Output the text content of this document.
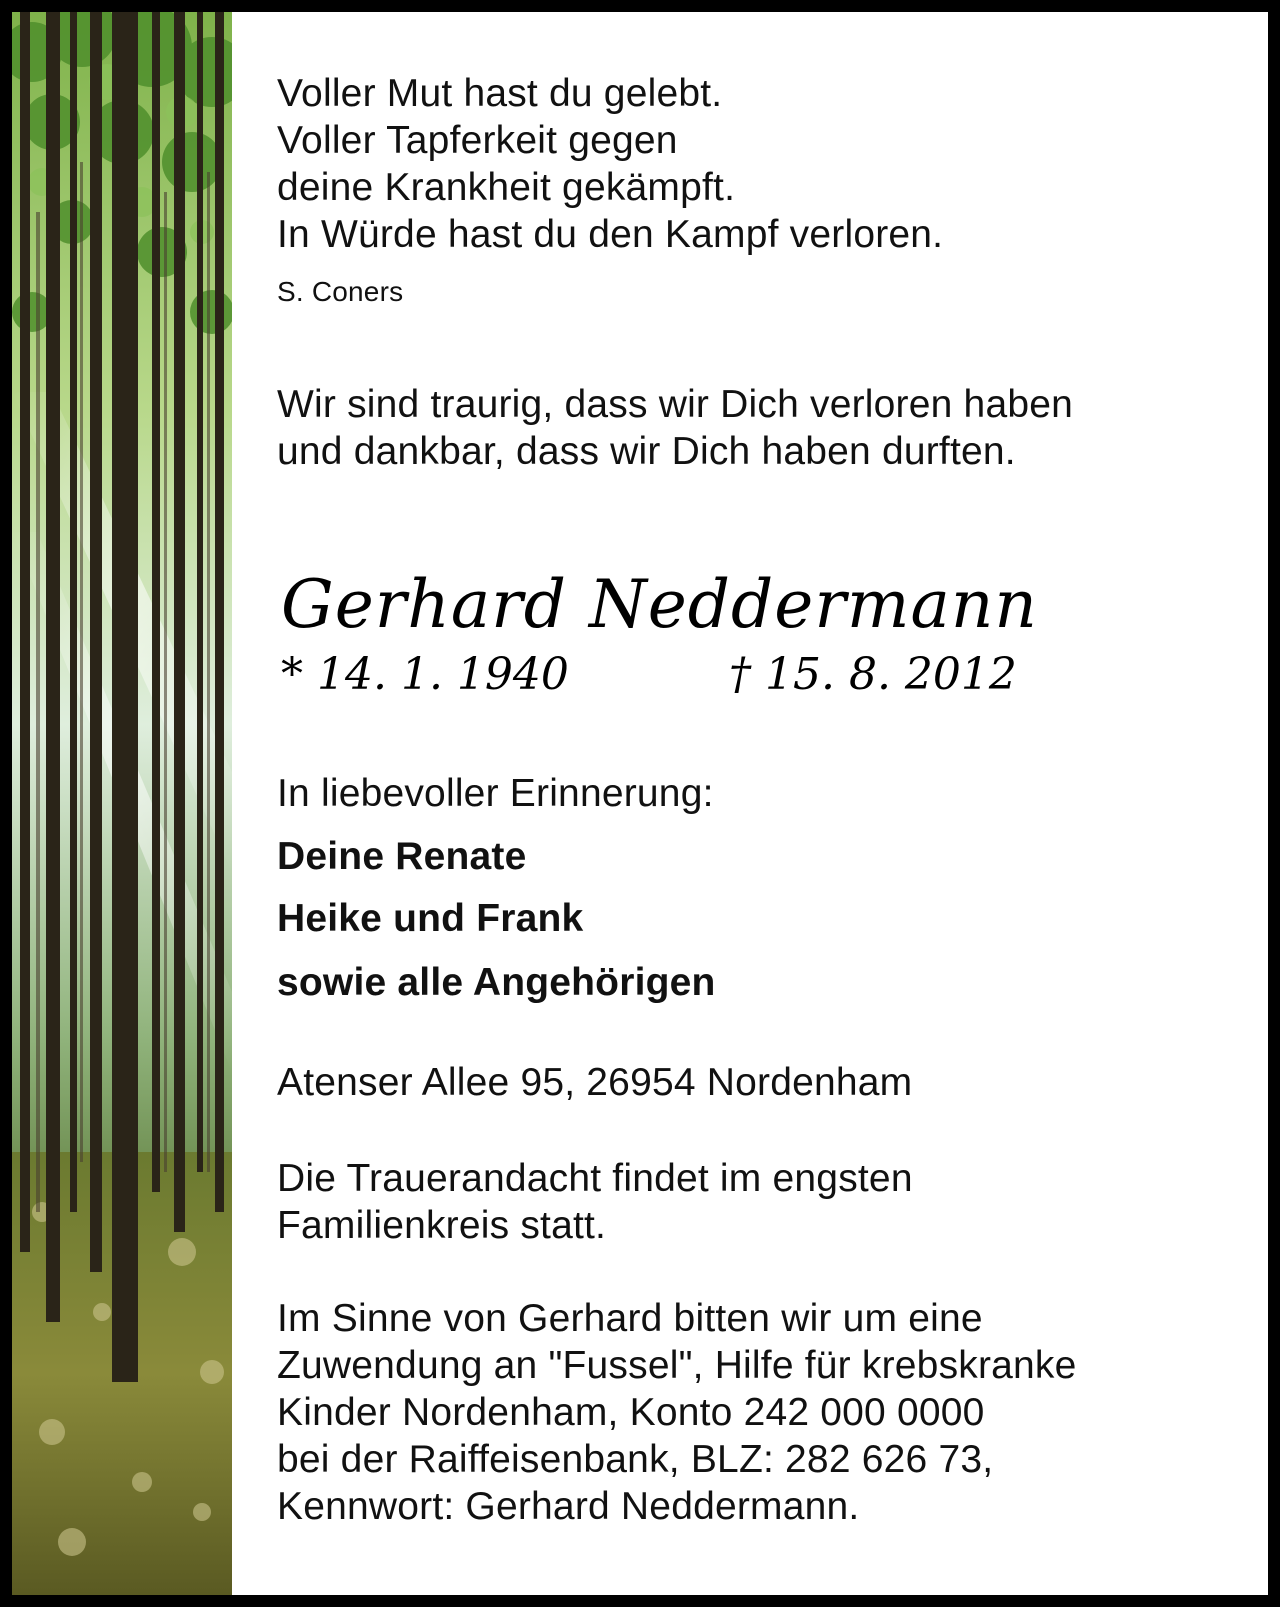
Voller Mut hast du gelebt.
Voller Tapferkeit gegen
deine Krankheit gekämpft.
In Würde hast du den Kampf verloren.
S. Coners
Wir sind traurig, dass wir Dich verloren haben
und dankbar, dass wir Dich haben durften.
Gerhard Neddermann
* 14. 1. 1940	† 15. 8. 2012
In liebevoller Erinnerung:
Deine Renate
Heike und Frank
sowie alle Angehörigen
Atenser Allee 95, 26954 Nordenham
Die Trauerandacht findet im engsten
Familienkreis statt.
Im Sinne von Gerhard bitten wir um eine
Zuwendung an "Fussel", Hilfe für krebskranke
Kinder Nordenham, Konto 242 000 0000
bei der Raiffeisenbank, BLZ: 282 626 73,
Kennwort: Gerhard Neddermann.
